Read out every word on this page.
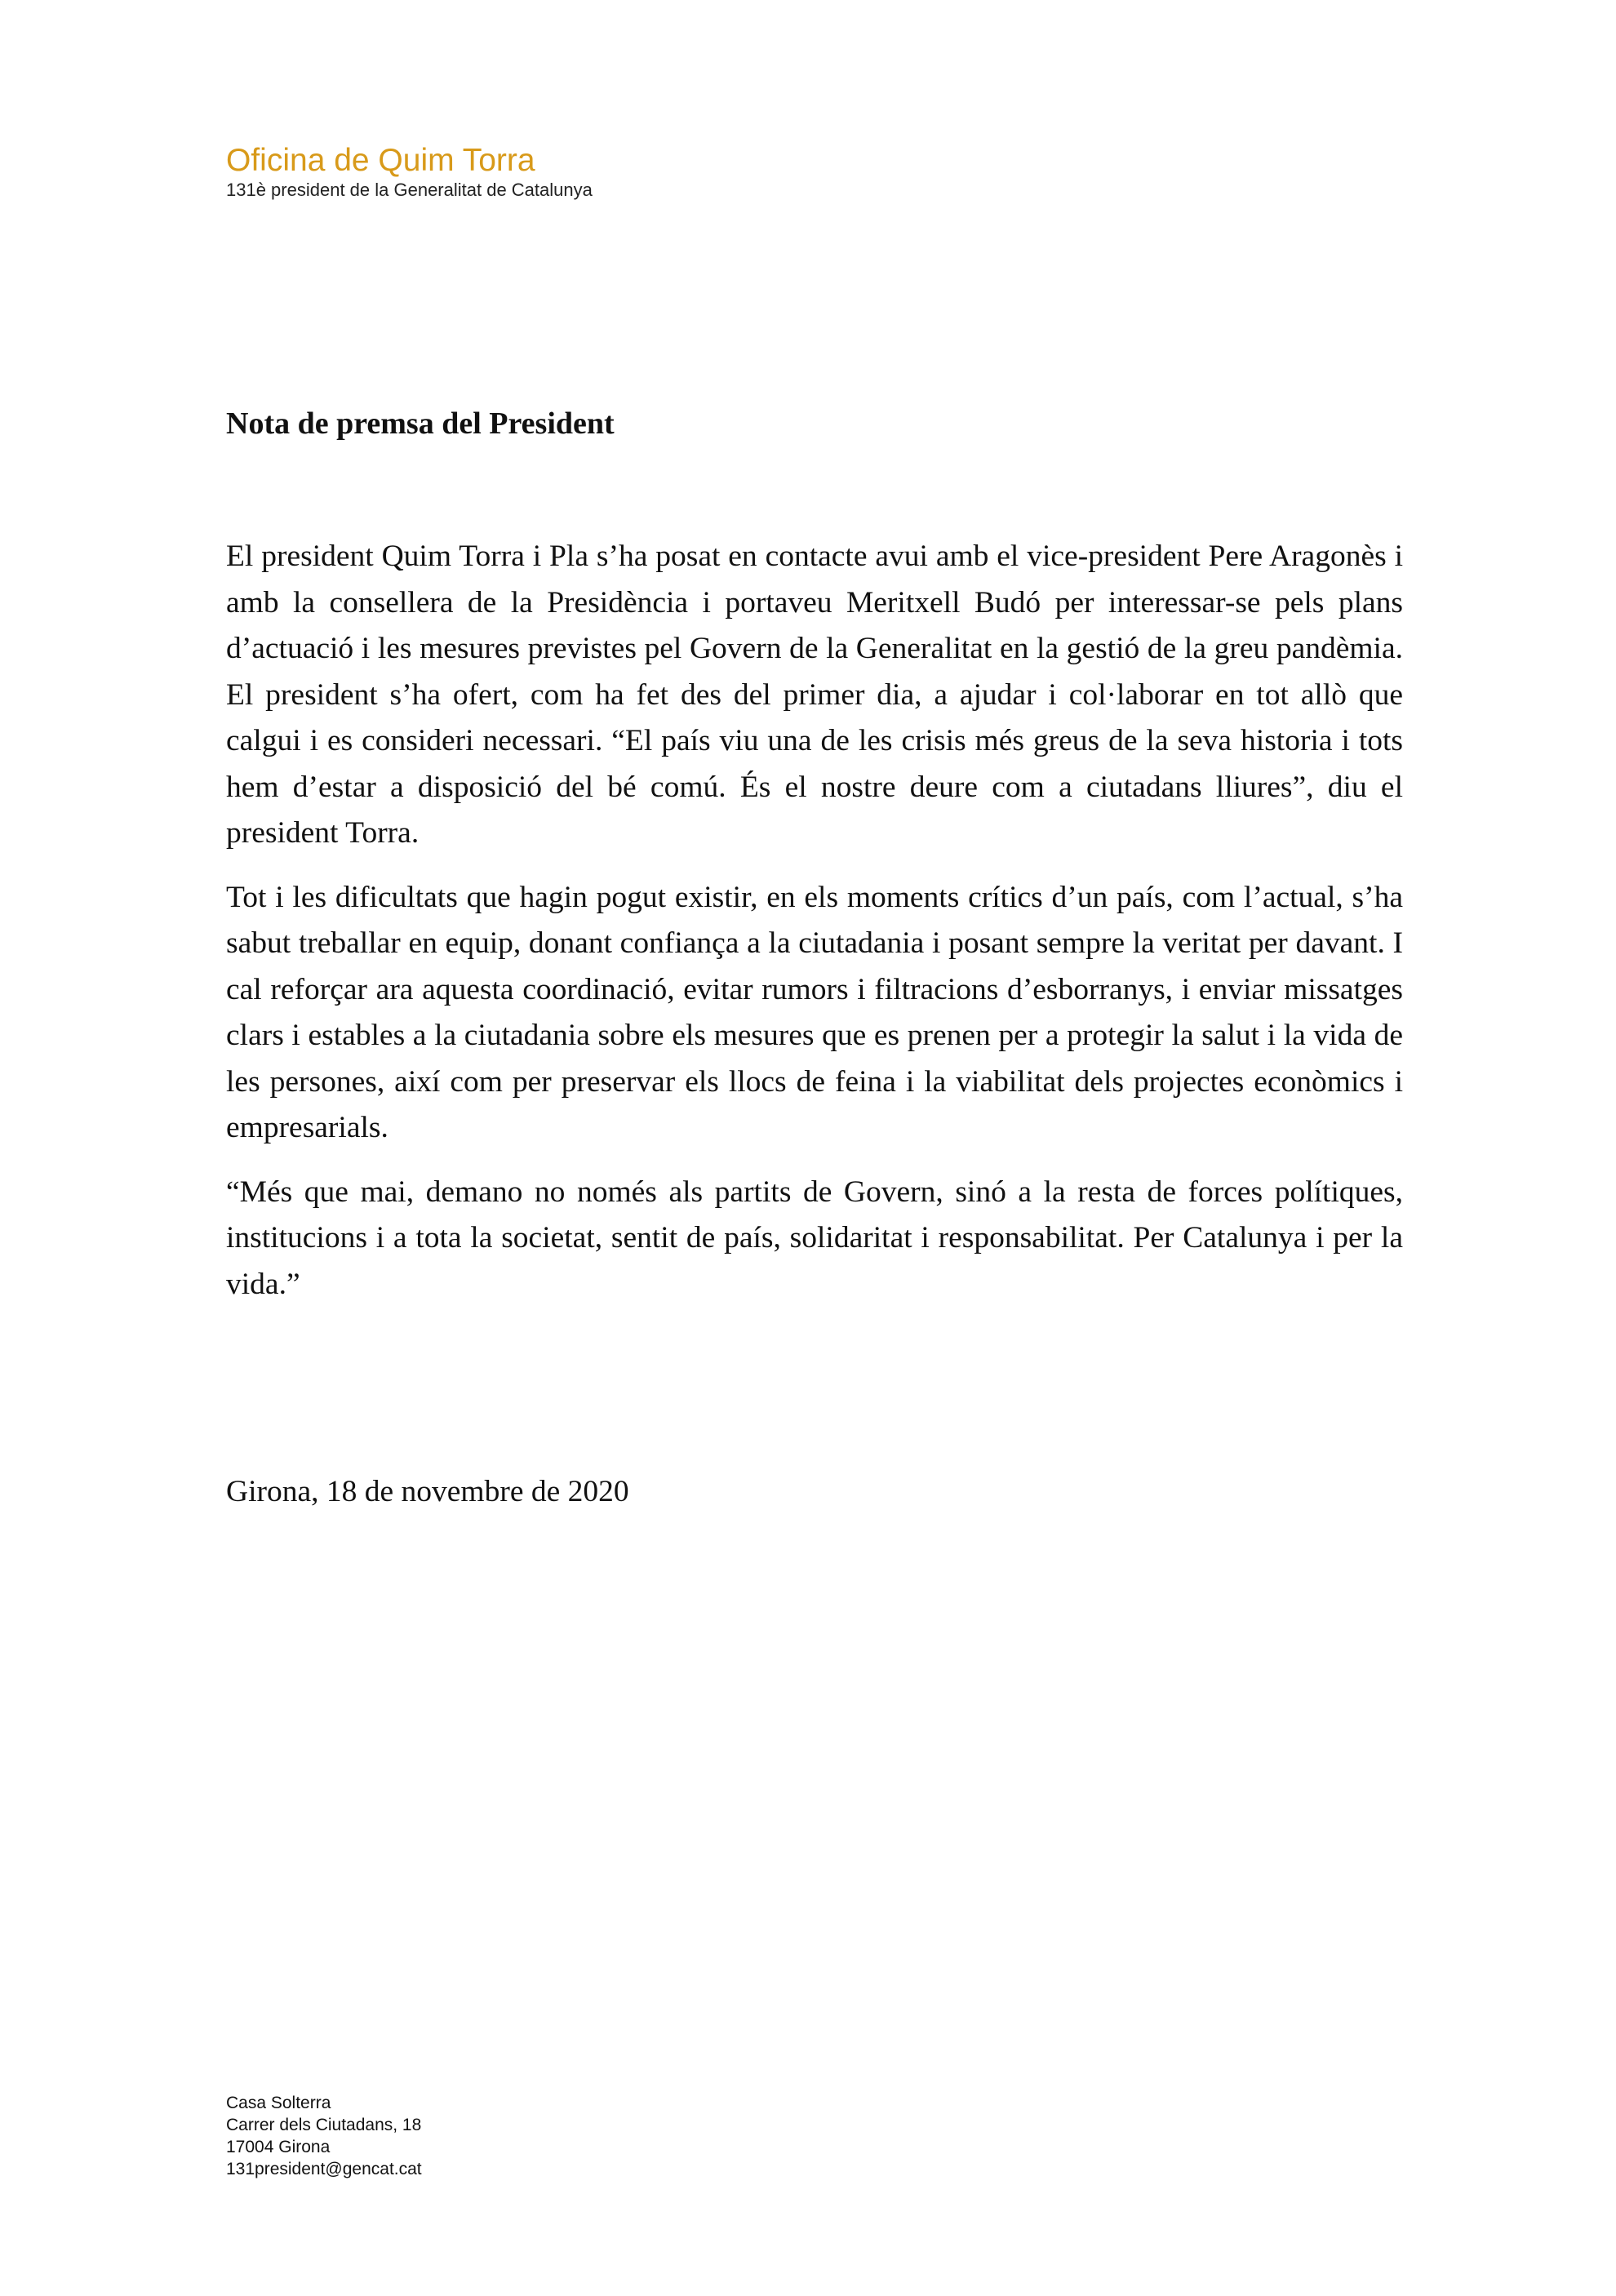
Oficina de Quim Torra
131è president de la Generalitat de Catalunya
Nota de premsa del President

El president Quim Torra i Pla s’ha posat en contacte avui amb el vice-president Pere Aragonès i amb la consellera de la Presidència i portaveu Meritxell Budó per interessar-se pels plans d’actuació i les mesures previstes pel Govern de la Generalitat en la gestió de la greu pandèmia. El president s’ha ofert, com ha fet des del primer dia, a ajudar i col·laborar en tot allò que calgui i es consideri necessari. “El país viu una de les crisis més greus de la seva historia i tots hem d’estar a disposició del bé comú. És el nostre deure com a ciutadans lliures”, diu el president Torra.

Tot i les dificultats que hagin pogut existir, en els moments crítics d’un país, com l’actual, s’ha sabut treballar en equip, donant confiança a la ciutadania i posant sempre la veritat per davant. I cal reforçar ara aquesta coordinació, evitar rumors i filtracions d’esborranys, i enviar missatges clars i estables a la ciutadania sobre els mesures que es prenen per a protegir la salut i la vida de les persones, així com per preservar els llocs de feina i la viabilitat dels projectes econòmics i empresarials.

“Més que mai, demano no només als partits de Govern, sinó a la resta de forces polítiques, institucions i a tota la societat, sentit de país, solidaritat i responsabilitat. Per Catalunya i per la vida.”

Girona, 18 de novembre de 2020
Casa Solterra
Carrer dels Ciutadans, 18
17004 Girona
131president@gencat.cat
